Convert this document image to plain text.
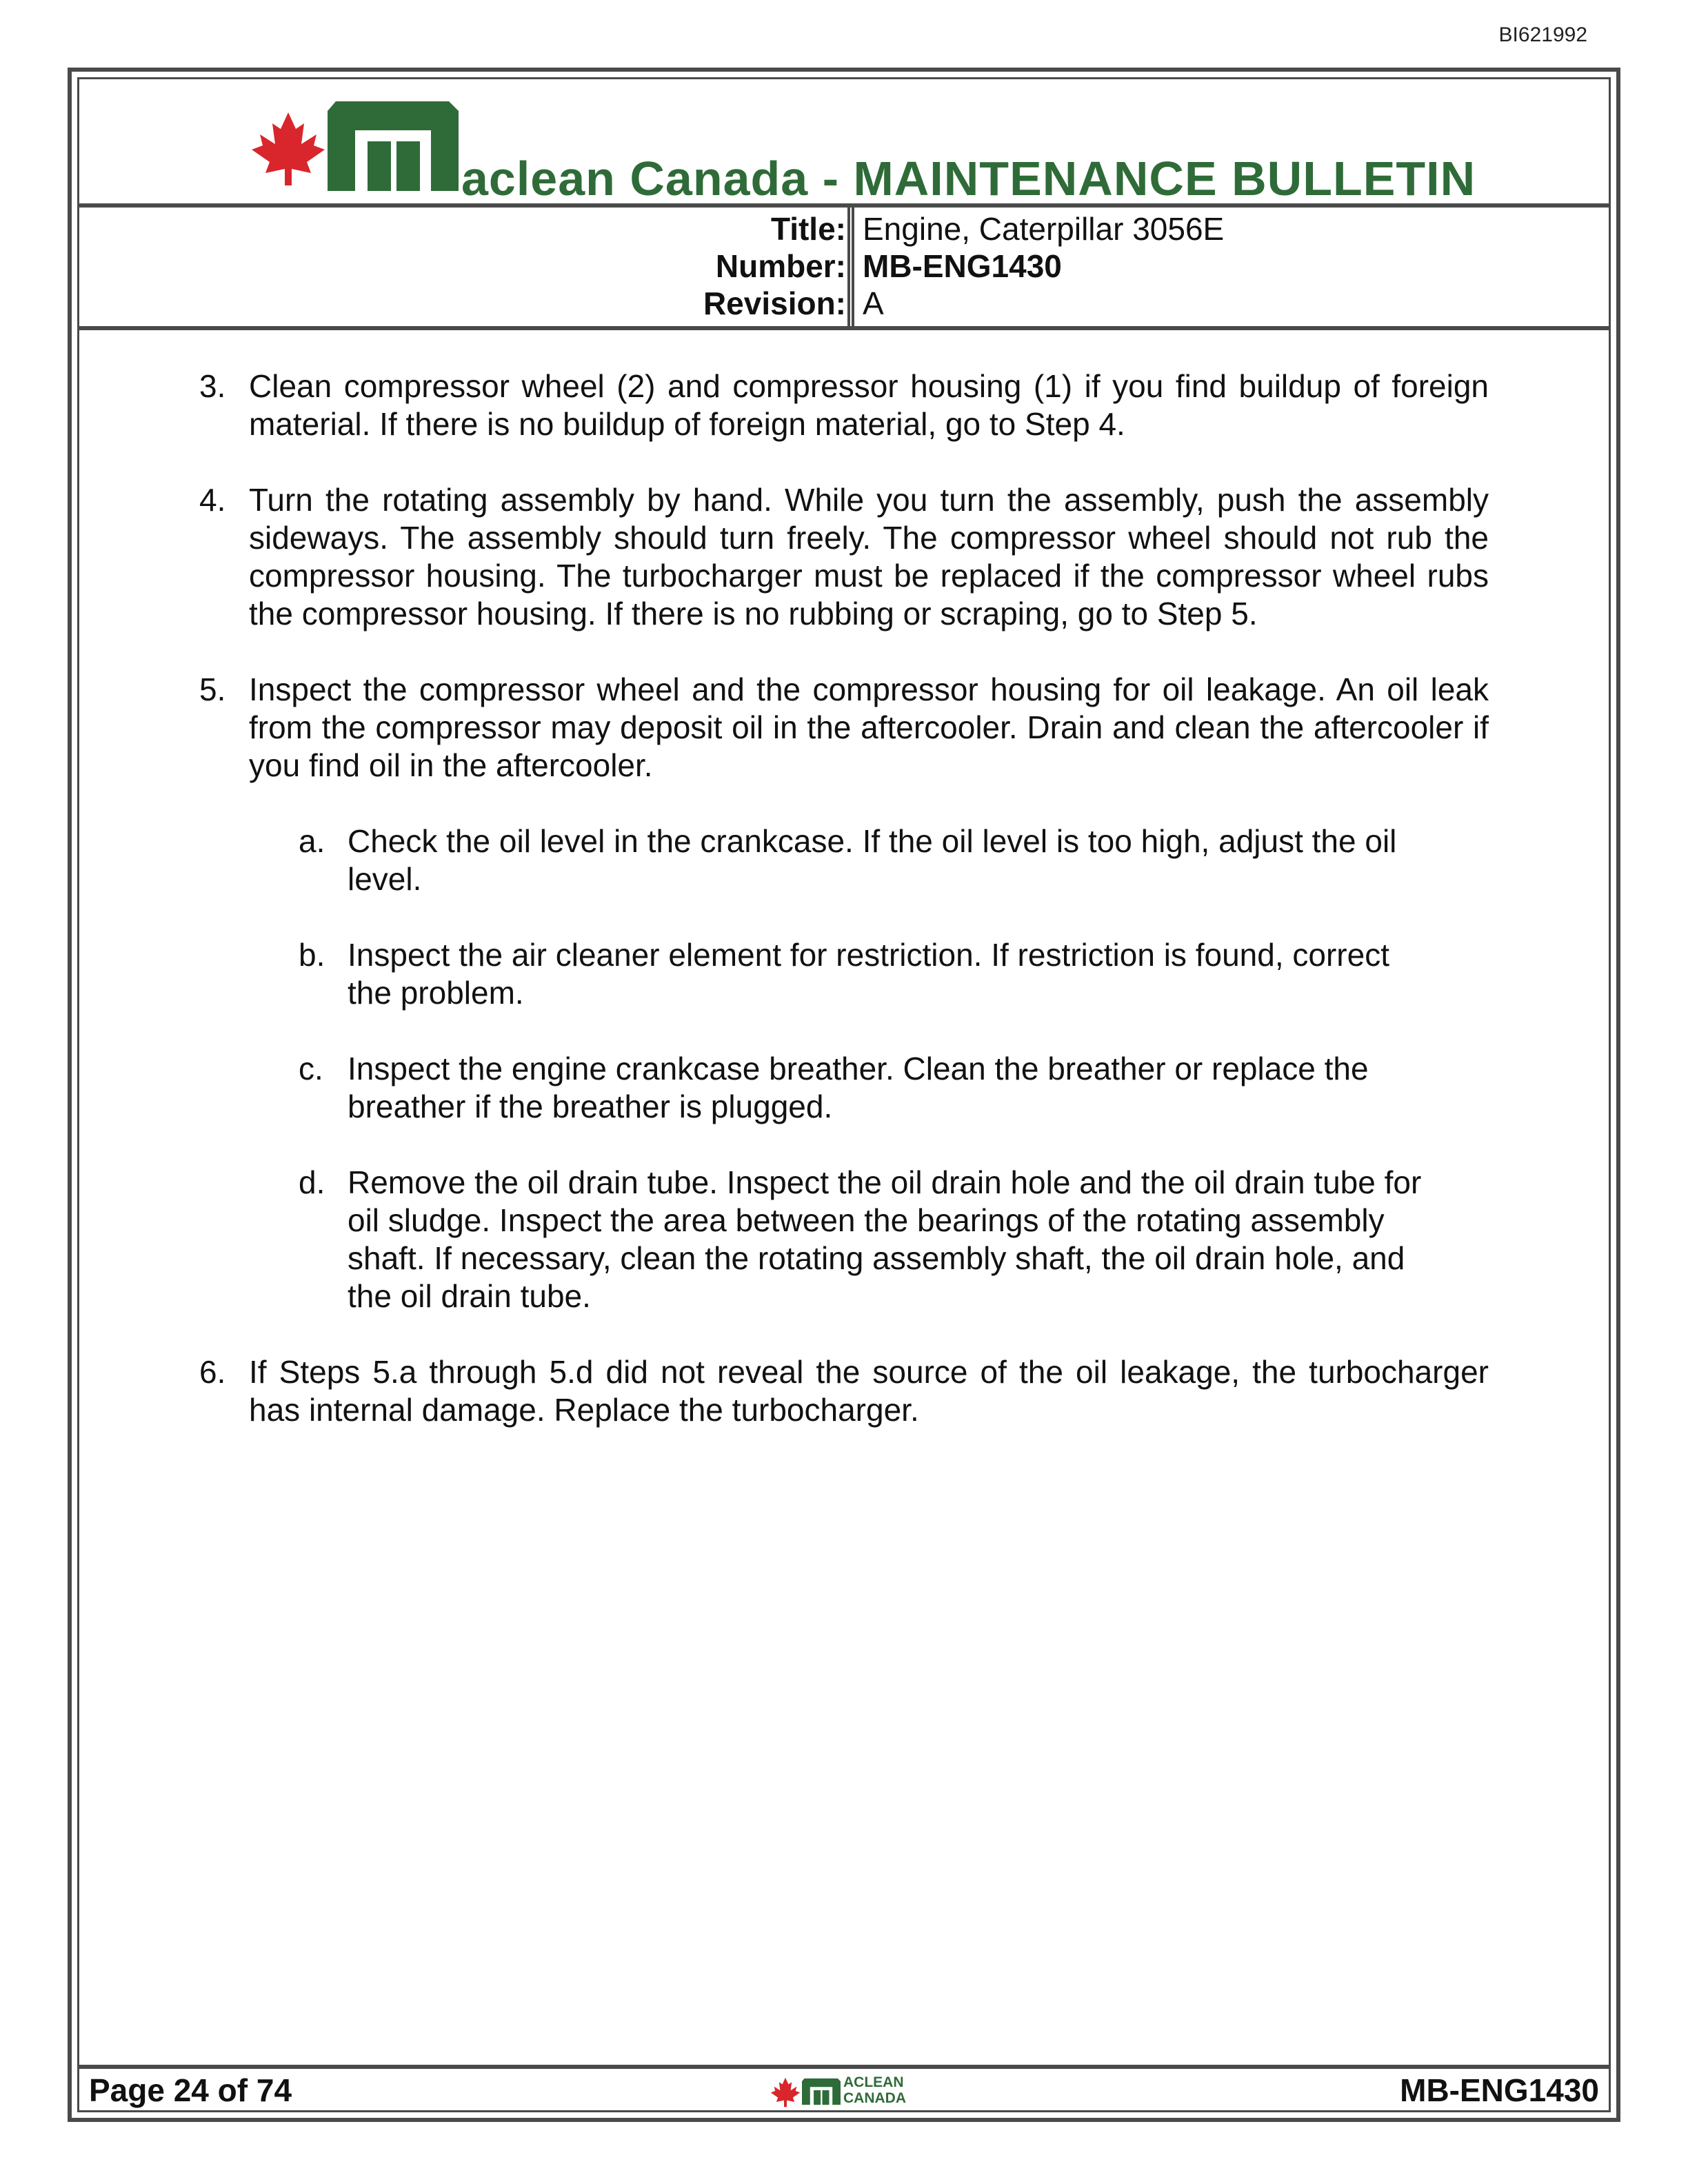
BI621992
aclean Canada - MAINTENANCE BULLETIN
Title: Engine, Caterpillar 3056E
Number: MB-ENG1430
Revision: A
3. Clean compressor wheel (2) and compressor housing (1) if you find buildup of foreign material. If there is no buildup of foreign material, go to Step 4.
4. Turn the rotating assembly by hand. While you turn the assembly, push the assembly sideways. The assembly should turn freely. The compressor wheel should not rub the compressor housing. The turbocharger must be replaced if the compressor wheel rubs the compressor housing. If there is no rubbing or scraping, go to Step 5.
5. Inspect the compressor wheel and the compressor housing for oil leakage. An oil leak from the compressor may deposit oil in the aftercooler. Drain and clean the aftercooler if you find oil in the aftercooler.
a. Check the oil level in the crankcase. If the oil level is too high, adjust the oil level.
b. Inspect the air cleaner element for restriction. If restriction is found, correct the problem.
c. Inspect the engine crankcase breather. Clean the breather or replace the breather if the breather is plugged.
d. Remove the oil drain tube. Inspect the oil drain hole and the oil drain tube for oil sludge. Inspect the area between the bearings of the rotating assembly shaft. If necessary, clean the rotating assembly shaft, the oil drain hole, and the oil drain tube.
6. If Steps 5.a through 5.d did not reveal the source of the oil leakage, the turbocharger has internal damage. Replace the turbocharger.
Page 24 of 74	ACLEAN
CANADA	MB-ENG1430
